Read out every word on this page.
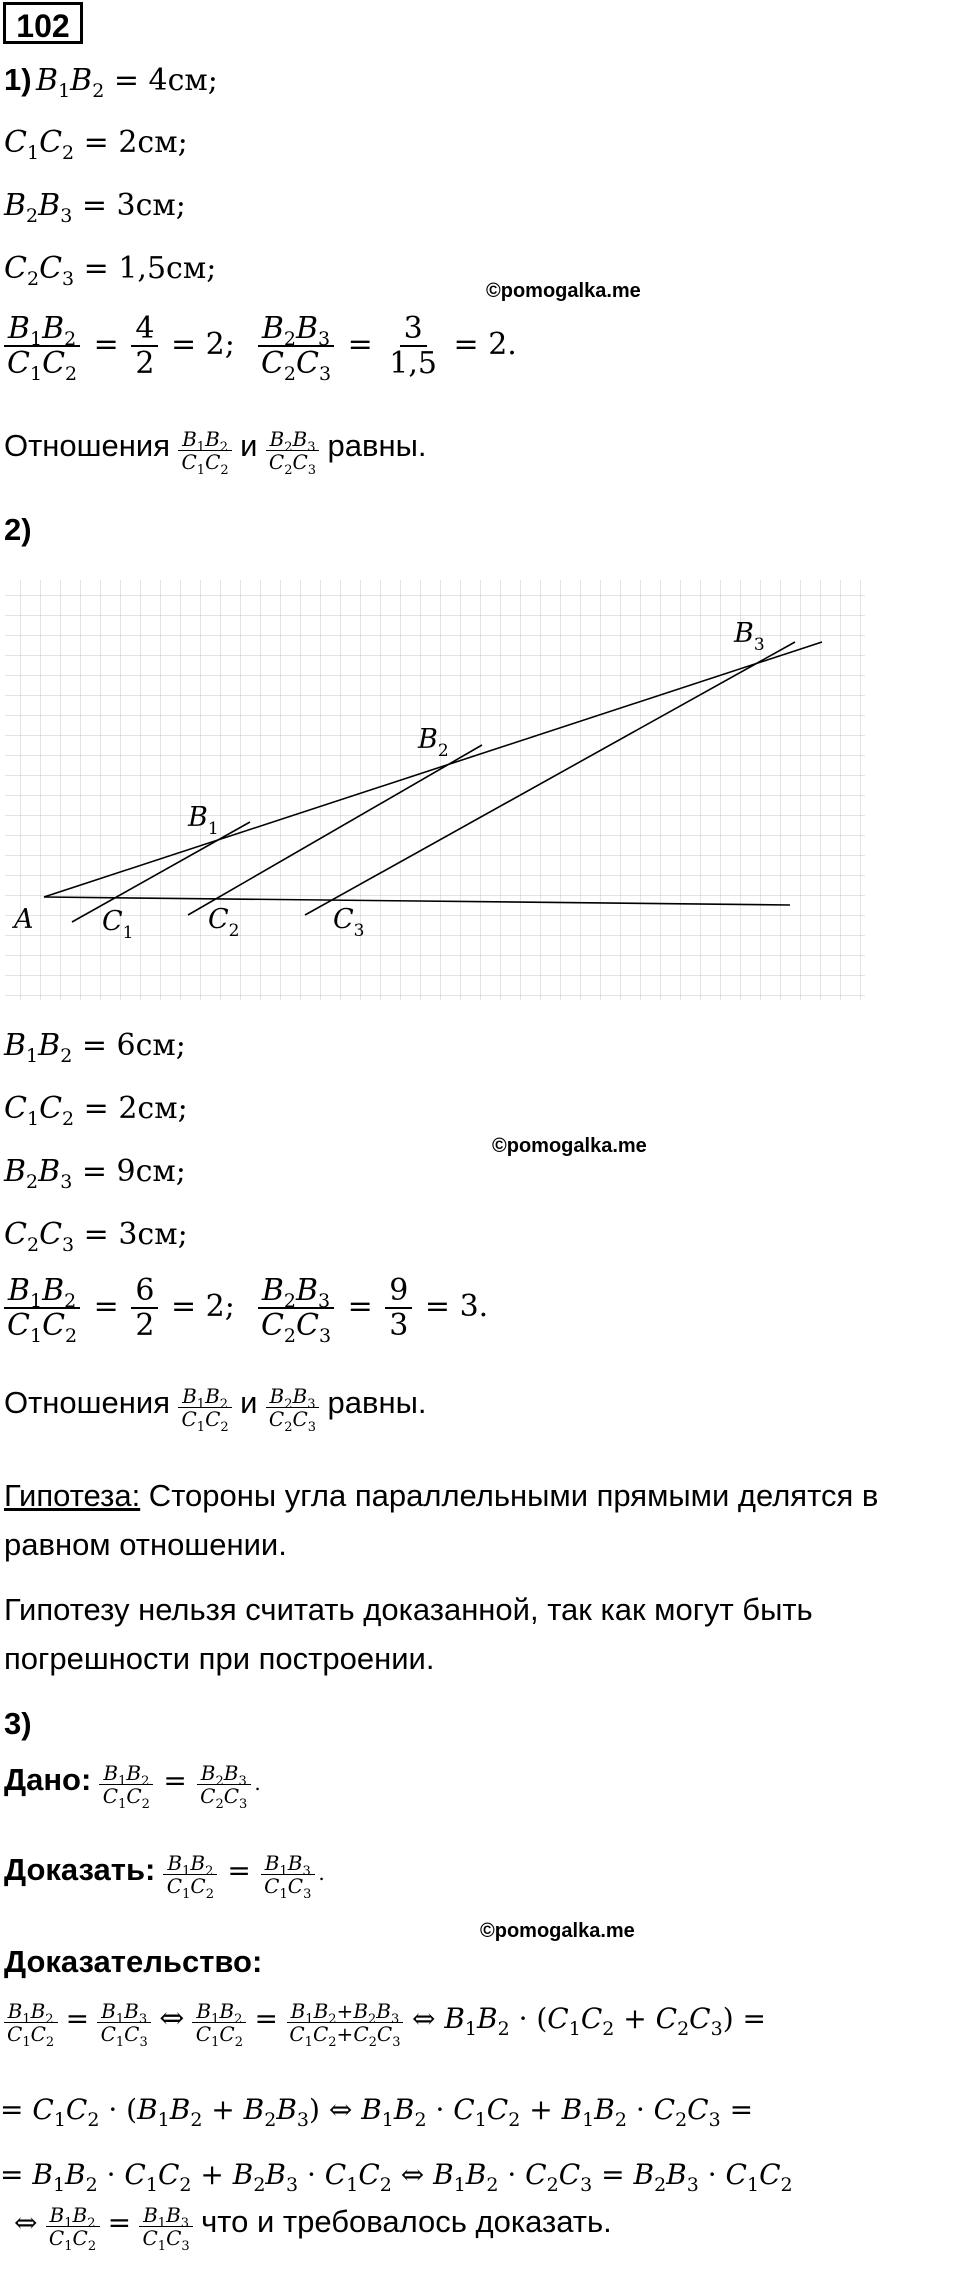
102
1) $B_1B_2 = 4см$;
$C_1C_2 = 2см$;
$B_2B_3 = 3см$;
$C_2C_3 = 1,5см$;
©pomogalka.me
$\frac{B_1B_2}{C_1C_2} = \frac{4}{2} = 2$; $\frac{B_2B_3}{C_2C_3} = \frac{3}{1,5} = 2$.
Отношения $\frac{B_1B_2}{C_1C_2}$ и $\frac{B_2B_3}{C_2C_3}$ равны.
2)
A
$B_1$
$B_2$
$B_3$
$C_1$	$C_2$	$C_3$
$B_1B_2 = 6см$;
$C_1C_2 = 2см$;
©pomogalka.me
$B_2B_3 = 9см$;
$C_2C_3 = 3см$;
$\frac{B_1B_2}{C_1C_2} = \frac{6}{2} = 2$; $\frac{B_2B_3}{C_2C_3} = \frac{9}{3} = 3$.
Отношения $\frac{B_1B_2}{C_1C_2}$ и $\frac{B_2B_3}{C_2C_3}$ равны.
Гипотеза: Стороны угла параллельными прямыми делятся в
равном отношении.
Гипотезу нельзя считать доказанной, так как могут быть
погрешности при построении.
3)
Дано: $\frac{B_1B_2}{C_1C_2} = \frac{B_2B_3}{C_2C_3}$ .
Доказать: $\frac{B_1B_2}{C_1C_2} = \frac{B_1B_3}{C_1C_3}$ .
©pomogalka.me
Доказательство:
$\frac{B_1B_2}{C_1C_2} = \frac{B_1B_3}{C_1C_3}$ ⇔ $\frac{B_1B_2}{C_1C_2} = \frac{B_1B_2+B_2B_3}{C_1C_2+C_2C_3}$ ⇔ $B_1B_2 \cdot (C_1C_2 + C_2C_3)$ =
= $C_1C_2 \cdot (B_1B_2 + B_2B_3)$ ⇔ $B_1B_2 \cdot C_1C_2 + B_1B_2 \cdot C_2C_3$ =
= $B_1B_2 \cdot C_1C_2 + B_2B_3 \cdot C_1C_2$ ⇔ $B_1B_2 \cdot C_2C_3 = B_2B_3 \cdot C_1C_2$
⇔ $\frac{B_1B_2}{C_1C_2} = \frac{B_1B_3}{C_1C_3}$ что и требовалось доказать.
